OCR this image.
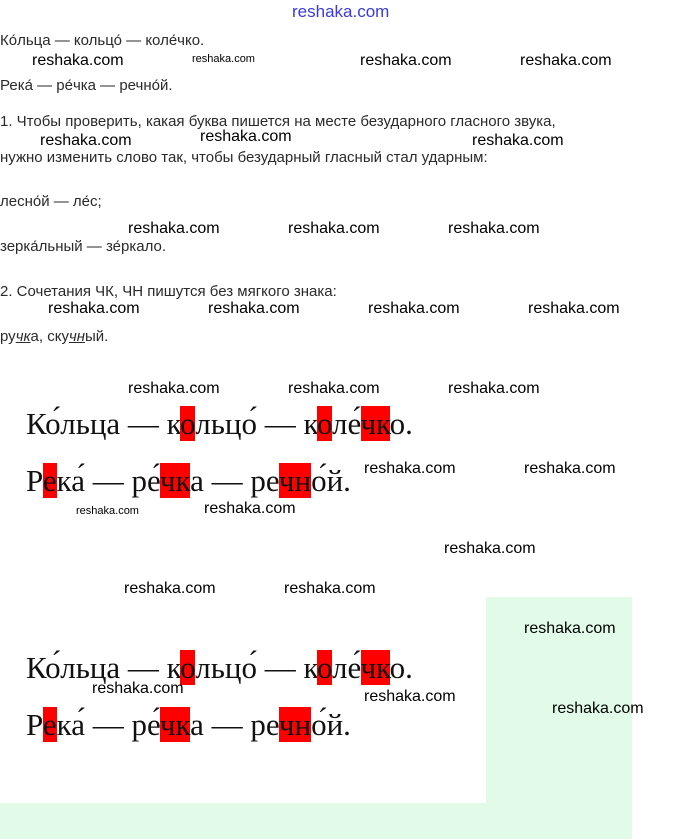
reshaka.com
Ко́льца — кольцо́ — коле́чко.
Река́ — ре́чка — речно́й.
1. Чтобы проверить, какая буква пишется на месте безударного гласного звука,
нужно изменить слово так, чтобы безударный гласный стал ударным:
лесно́й — ле́с;
зерка́льный — зе́ркало.
2. Сочетания ЧК, ЧН пишутся без мягкого знака:
ручка, скучный.
Ко́льца — кольцо́ — коле́чко.
Река́ — ре́чка — речно́й.
Ко́льца — кольцо́ — коле́чко.
Река́ — ре́чка — речно́й.
reshaka.com	reshaka.com	reshaka.com	reshaka.com
reshaka.com	reshaka.com	reshaka.com
reshaka.com	reshaka.com	reshaka.com
reshaka.com	reshaka.com	reshaka.com	reshaka.com
reshaka.com	reshaka.com	reshaka.com
reshaka.com	reshaka.com
reshaka.com	reshaka.com
reshaka.com
reshaka.com	reshaka.com
reshaka.com
reshaka.com	reshaka.com
reshaka.com
